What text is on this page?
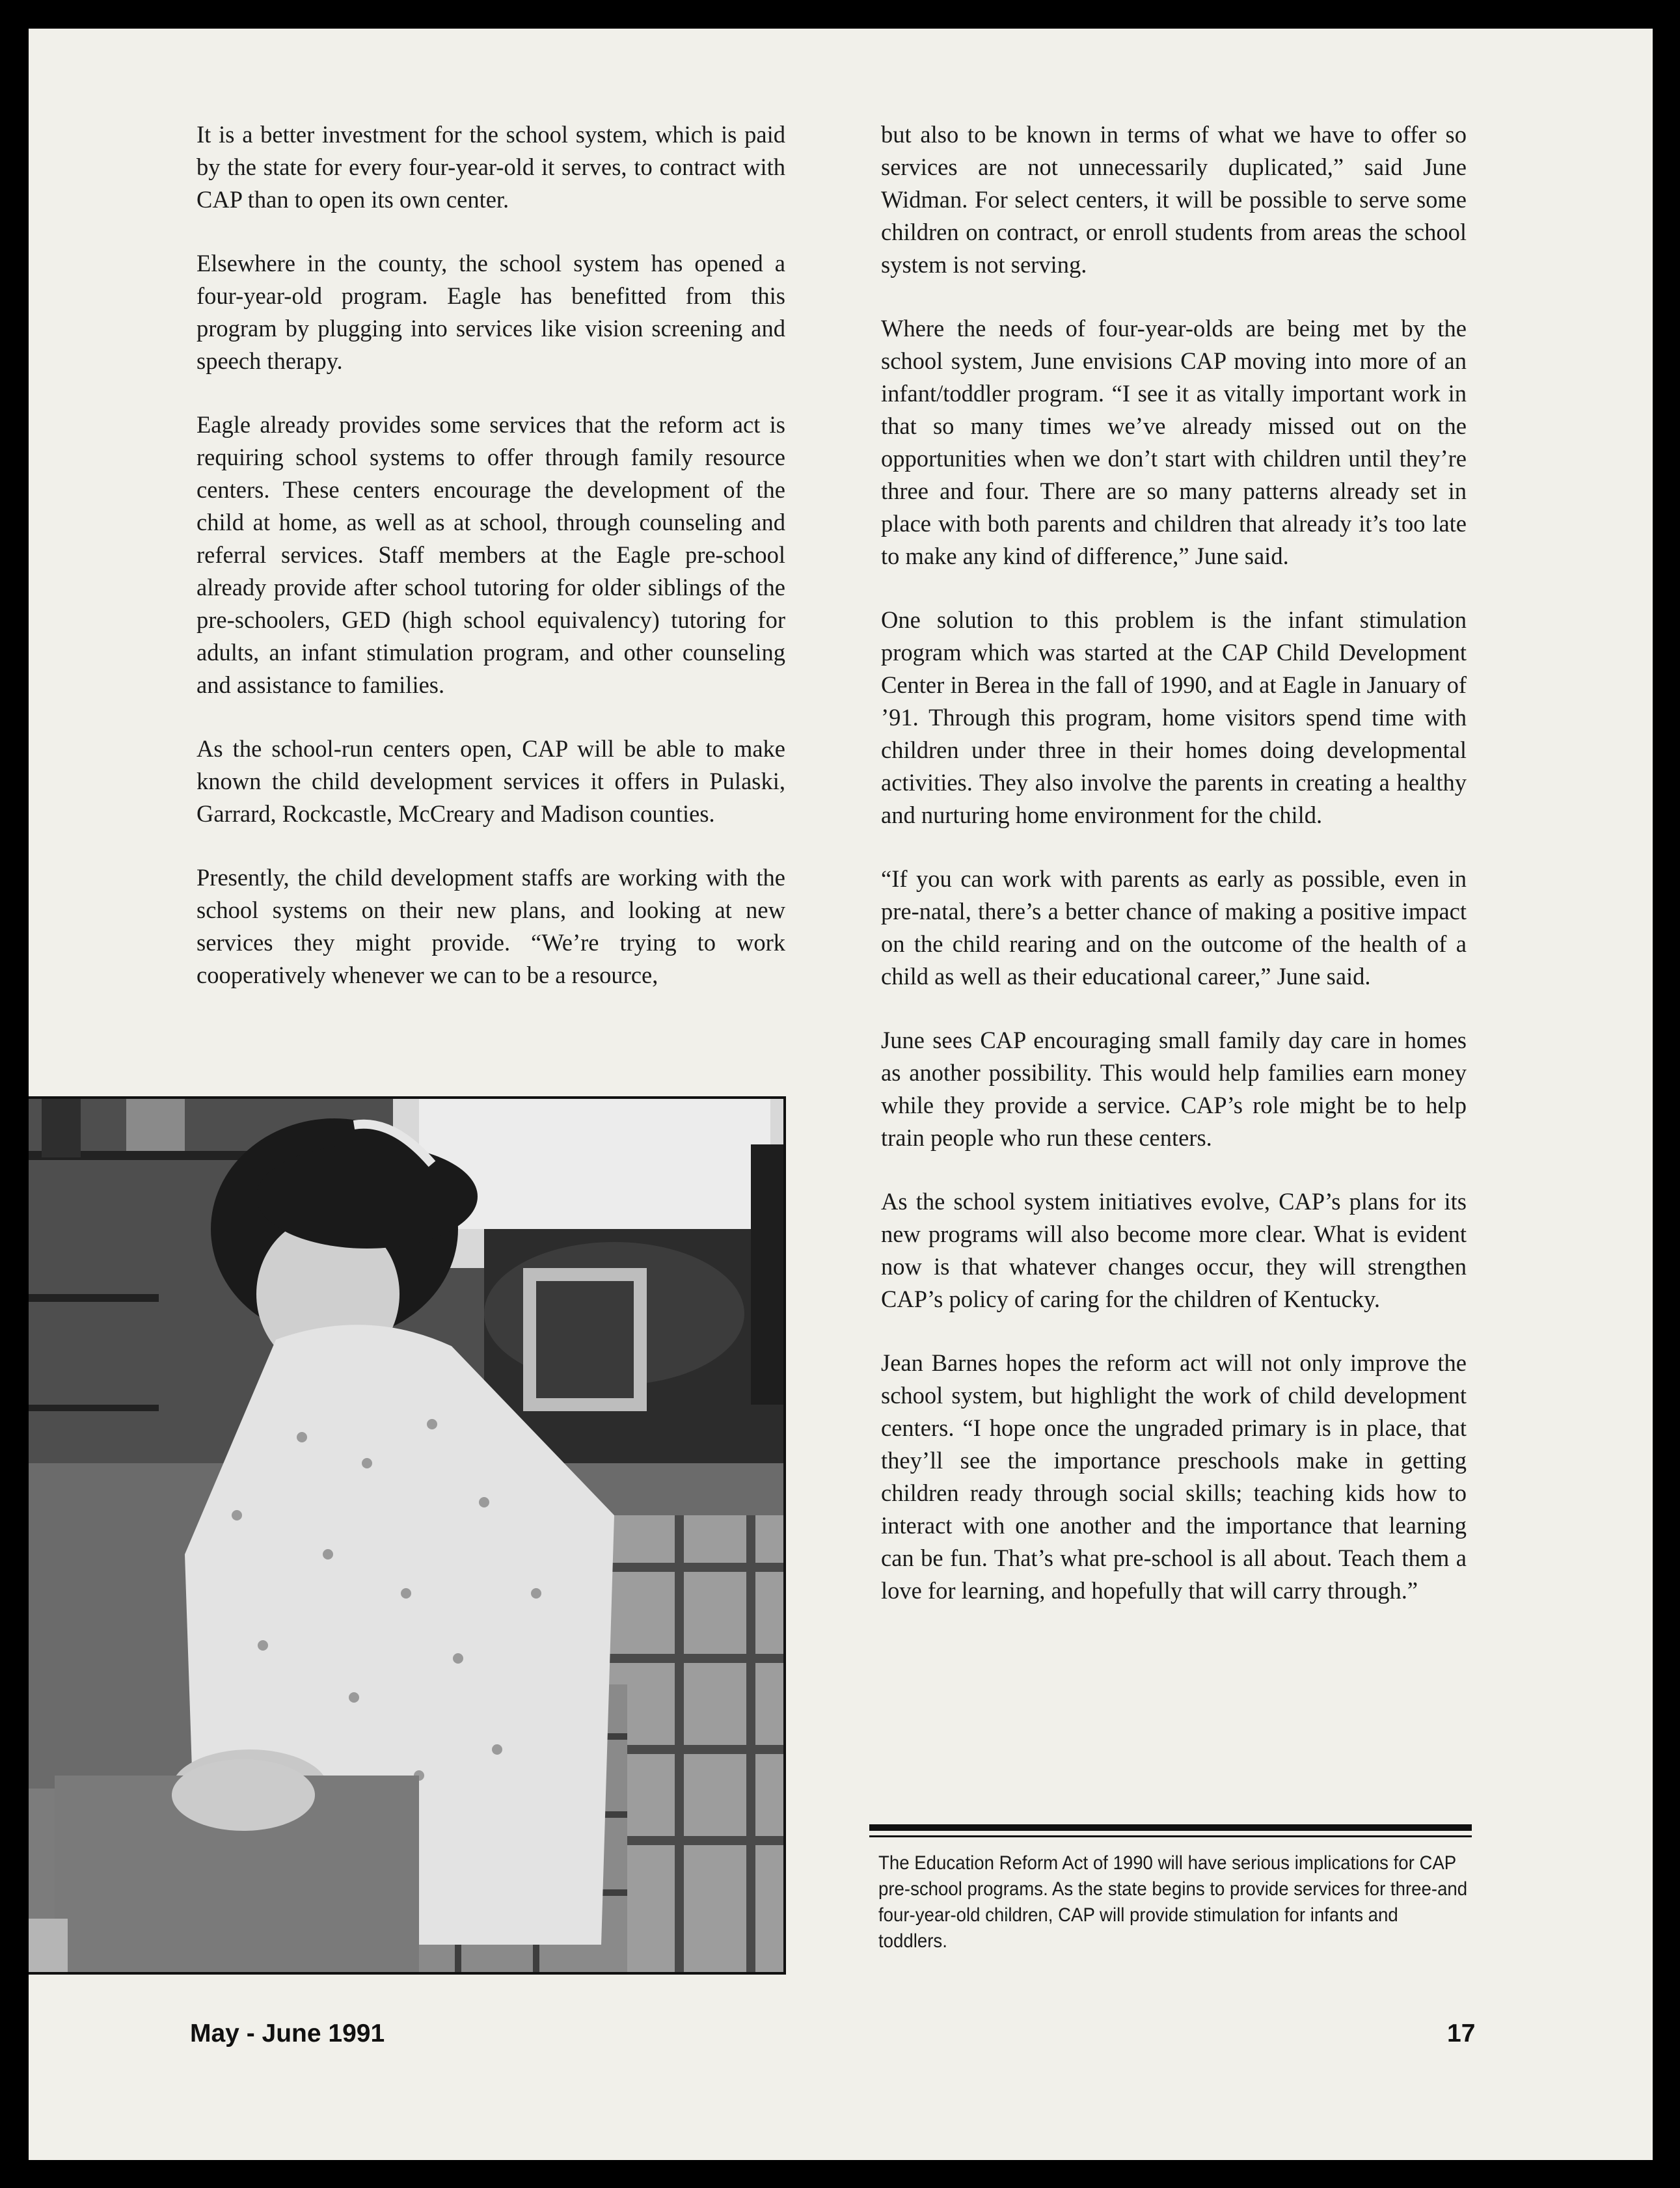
It is a better investment for the school system, which is paid by the state for every four-year-old it serves, to contract with CAP than to open its own center.

Elsewhere in the county, the school system has opened a four-year-old program. Eagle has benefitted from this program by plugging into services like vision screening and speech therapy.

Eagle already provides some services that the reform act is requiring school systems to offer through family resource centers. These centers encourage the development of the child at home, as well as at school, through counseling and referral services. Staff members at the Eagle pre-school already provide after school tutoring for older siblings of the pre-schoolers, GED (high school equivalency) tutoring for adults, an infant stimulation program, and other counseling and assistance to families.

As the school-run centers open, CAP will be able to make known the child development services it offers in Pulaski, Garrard, Rockcastle, McCreary and Madison counties.

Presently, the child development staffs are working with the school systems on their new plans, and looking at new services they might provide. “We’re trying to work cooperatively whenever we can to be a resource,

but also to be known in terms of what we have to offer so services are not unnecessarily duplicated,” said June Widman. For select centers, it will be possible to serve some children on contract, or enroll students from areas the school system is not serving.

Where the needs of four-year-olds are being met by the school system, June envisions CAP moving into more of an infant/toddler program. “I see it as vitally important work in that so many times we’ve already missed out on the opportunities when we don’t start with children until they’re three and four. There are so many patterns already set in place with both parents and children that already it’s too late to make any kind of difference,” June said.

One solution to this problem is the infant stimulation program which was started at the CAP Child Development Center in Berea in the fall of 1990, and at Eagle in January of ’91. Through this program, home visitors spend time with children under three in their homes doing developmental activities. They also involve the parents in creating a healthy and nurturing home environment for the child.

“If you can work with parents as early as possible, even in pre-natal, there’s a better chance of making a positive impact on the child rearing and on the outcome of the health of a child as well as their educational career,” June said.

June sees CAP encouraging small family day care in homes as another possibility. This would help families earn money while they provide a service. CAP’s role might be to help train people who run these centers.

As the school system initiatives evolve, CAP’s plans for its new programs will also become more clear. What is evident now is that whatever changes occur, they will strengthen CAP’s policy of caring for the children of Kentucky.

Jean Barnes hopes the reform act will not only improve the school system, but highlight the work of child development centers. “I hope once the ungraded primary is in place, that they’ll see the importance preschools make in getting children ready through social skills; teaching kids how to interact with one another and the importance that learning can be fun. That’s what pre-school is all about. Teach them a love for learning, and hopefully that will carry through.”

The Education Reform Act of 1990 will have serious implications for CAP pre-school programs. As the state begins to provide services for three-and four-year-old children, CAP will provide stimulation for infants and toddlers.
May - June 1991	17
